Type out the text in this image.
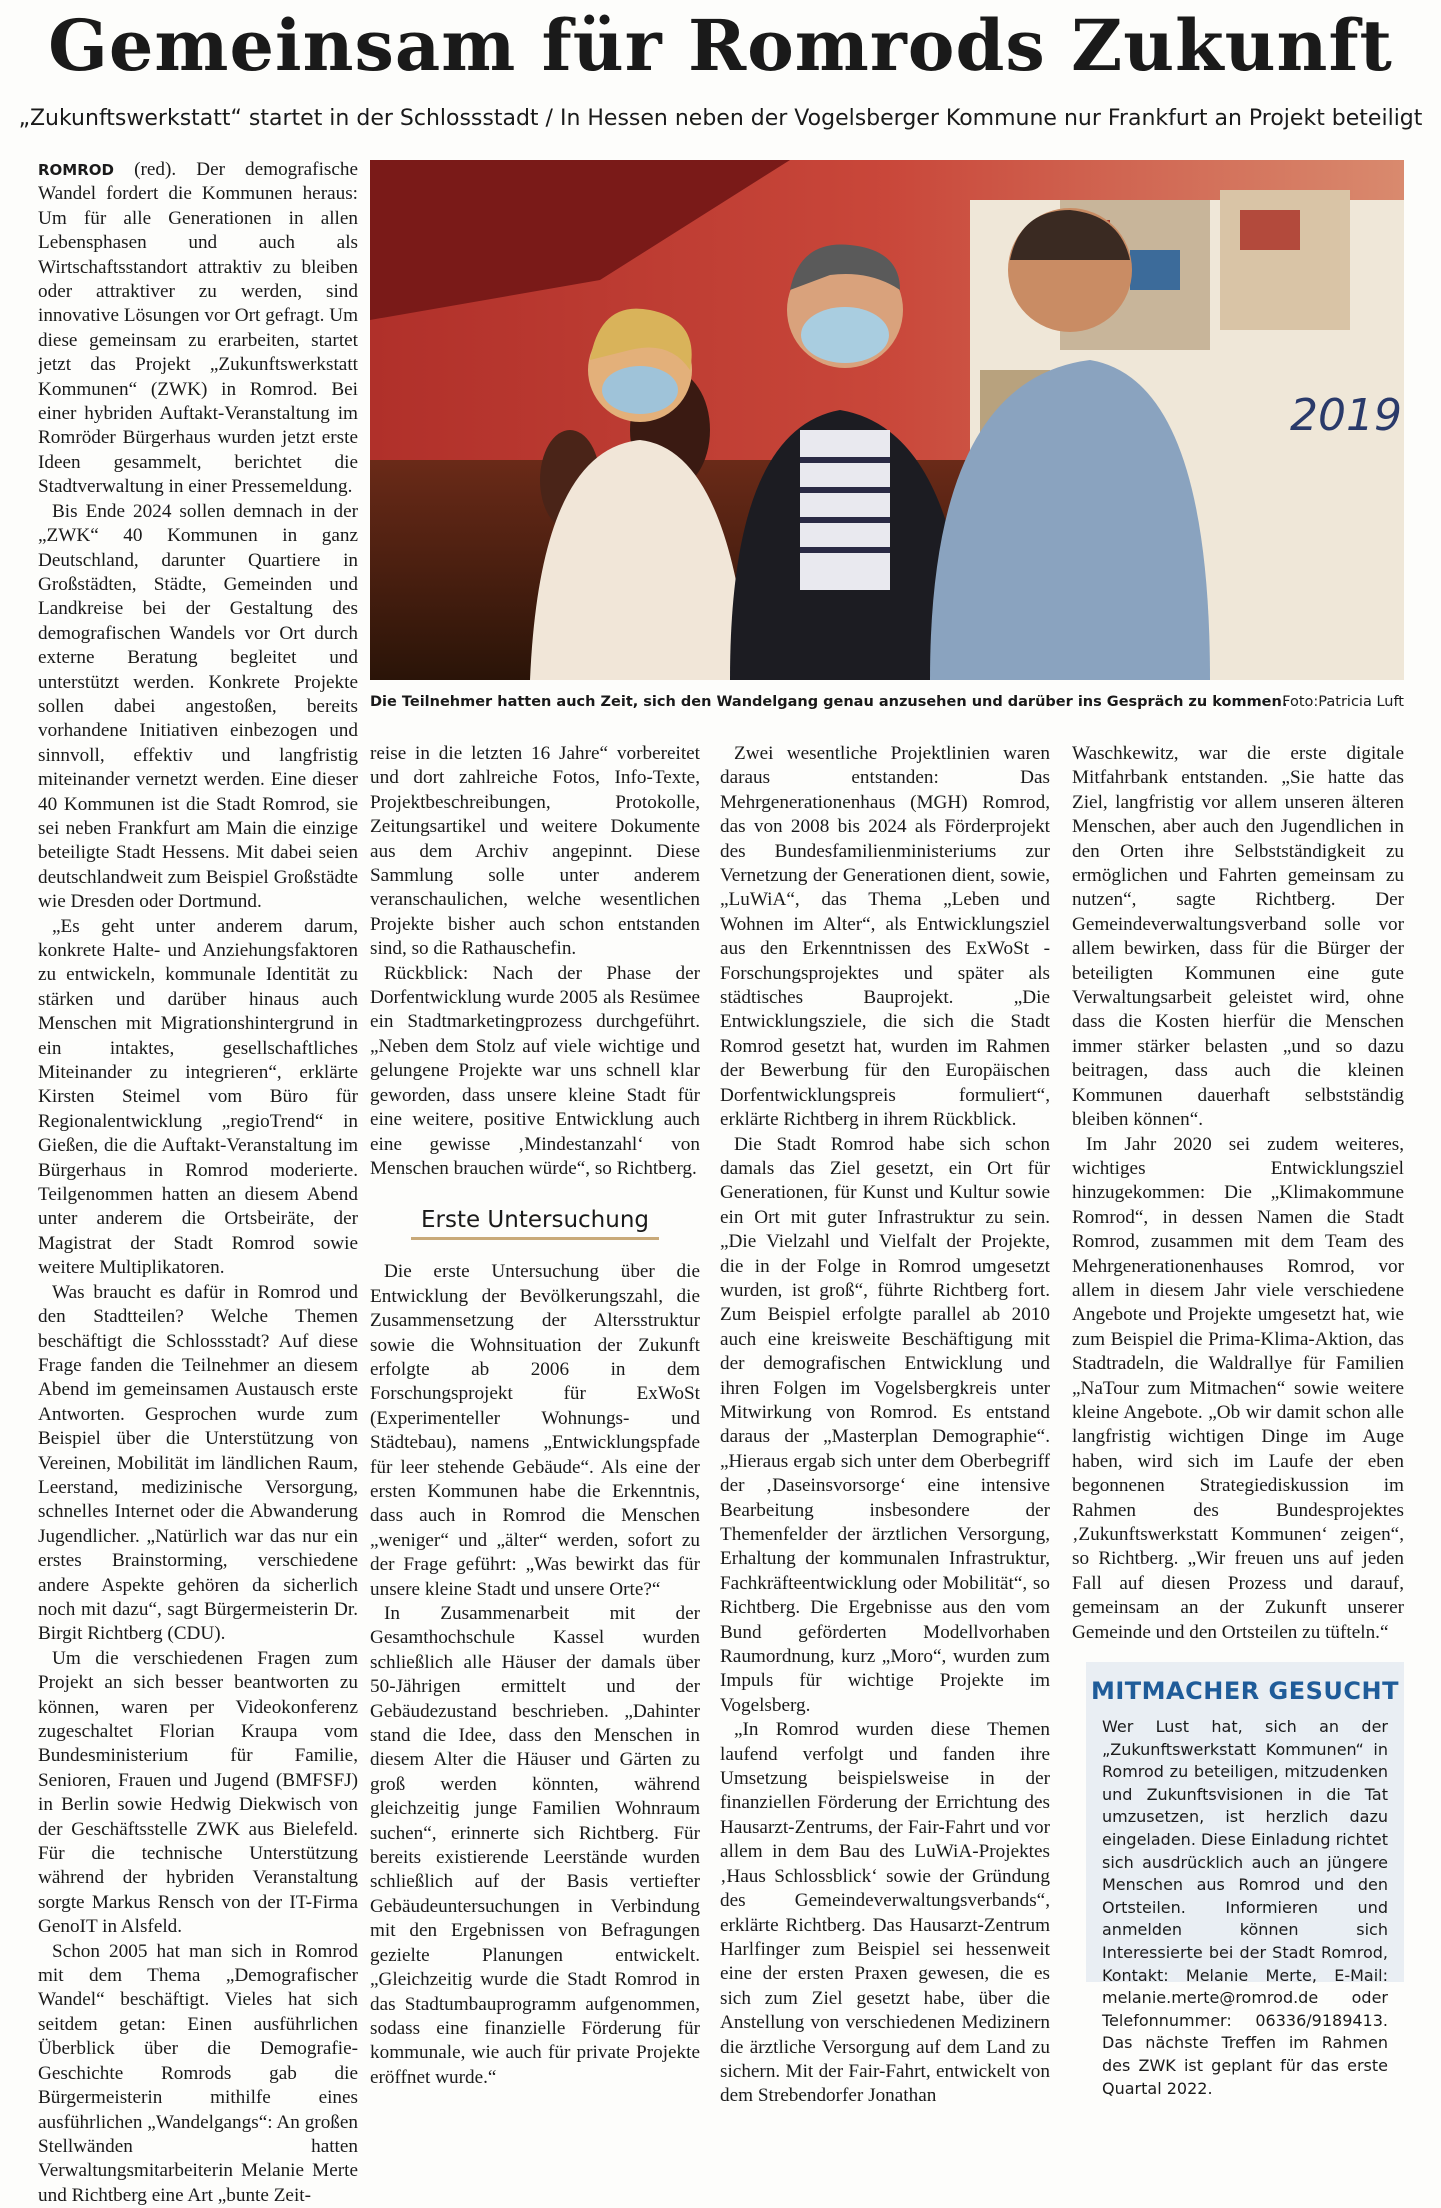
Gemeinsam für Romrods Zukunft
„Zukunftswerkstatt“ startet in der Schlossstadt / In Hessen neben der Vogelsberger Kommune nur Frankfurt an Projekt beteiligt

ROMROD (red). Der demografische Wandel fordert die Kommunen heraus: Um für alle Generationen in allen Lebensphasen und auch als Wirtschaftsstandort attraktiv zu bleiben oder attraktiver zu werden, sind innovative Lösungen vor Ort gefragt. Um diese gemeinsam zu erarbeiten, startet jetzt das Projekt „Zukunftswerkstatt Kommunen“ (ZWK) in Romrod. Bei einer hybriden Auftakt-Veranstaltung im Romröder Bürgerhaus wurden jetzt erste Ideen gesammelt, berichtet die Stadtverwaltung in einer Pressemeldung.

Bis Ende 2024 sollen demnach in der „ZWK“ 40 Kommunen in ganz Deutschland, darunter Quartiere in Großstädten, Städte, Gemeinden und Landkreise bei der Gestaltung des demografischen Wandels vor Ort durch externe Beratung begleitet und unterstützt werden. Konkrete Projekte sollen dabei angestoßen, bereits vorhandene Initiativen einbezogen und sinnvoll, effektiv und langfristig miteinander vernetzt werden. Eine dieser 40 Kommunen ist die Stadt Romrod, sie sei neben Frankfurt am Main die einzige beteiligte Stadt Hessens. Mit dabei seien deutschlandweit zum Beispiel Großstädte wie Dresden oder Dortmund.

„Es geht unter anderem darum, konkrete Halte- und Anziehungsfaktoren zu entwickeln, kommunale Identität zu stärken und darüber hinaus auch Menschen mit Migrationshintergrund in ein intaktes, gesellschaftliches Miteinander zu integrieren“, erklärte Kirsten Steimel vom Büro für Regionalentwicklung „regioTrend“ in Gießen, die die Auftakt-Veranstaltung im Bürgerhaus in Romrod moderierte. Teilgenommen hatten an diesem Abend unter anderem die Ortsbeiräte, der Magistrat der Stadt Romrod sowie weitere Multiplikatoren.

Was braucht es dafür in Romrod und den Stadtteilen? Welche Themen beschäftigt die Schlossstadt? Auf diese Frage fanden die Teilnehmer an diesem Abend im gemeinsamen Austausch erste Antworten. Gesprochen wurde zum Beispiel über die Unterstützung von Vereinen, Mobilität im ländlichen Raum, Leerstand, medizinische Versorgung, schnelles Internet oder die Abwanderung Jugendlicher. „Natürlich war das nur ein erstes Brainstorming, verschiedene andere Aspekte gehören da sicherlich noch mit dazu“, sagt Bürgermeisterin Dr. Birgit Richtberg (CDU).

Um die verschiedenen Fragen zum Projekt an sich besser beantworten zu können, waren per Videokonferenz zugeschaltet Florian Kraupa vom Bundesministerium für Familie, Senioren, Frauen und Jugend (BMFSFJ) in Berlin sowie Hedwig Diekwisch von der Geschäftsstelle ZWK aus Bielefeld. Für die technische Unterstützung während der hybriden Veranstaltung sorgte Markus Rensch von der IT-Firma GenoIT in Alsfeld.

Schon 2005 hat man sich in Romrod mit dem Thema „Demografischer Wandel“ beschäftigt. Vieles hat sich seitdem getan: Einen ausführlichen Überblick über die Demografie-Geschichte Romrods gab die Bürgermeisterin mithilfe eines ausführlichen „Wandelgangs“: An großen Stellwänden hatten Verwaltungsmitarbeiterin Melanie Merte und Richtberg eine Art „bunte Zeit-

2019
Die Teilnehmer hatten auch Zeit, sich den Wandelgang genau anzusehen und darüber ins Gespräch zu kommen.
Foto:Patricia Luft

reise in die letzten 16 Jahre“ vorbereitet und dort zahlreiche Fotos, Info-Texte, Projektbeschreibungen, Protokolle, Zeitungsartikel und weitere Dokumente aus dem Archiv angepinnt. Diese Sammlung solle unter anderem veranschaulichen, welche wesentlichen Projekte bisher auch schon entstanden sind, so die Rathauschefin.

Rückblick: Nach der Phase der Dorfentwicklung wurde 2005 als Resümee ein Stadtmarketingprozess durchgeführt. „Neben dem Stolz auf viele wichtige und gelungene Projekte war uns schnell klar geworden, dass unsere kleine Stadt für eine weitere, positive Entwicklung auch eine gewisse ‚Mindestanzahl‘ von Menschen brauchen würde“, so Richtberg.

Erste Untersuchung

Die erste Untersuchung über die Entwicklung der Bevölkerungszahl, die Zusammensetzung der Altersstruktur sowie die Wohnsituation der Zukunft erfolgte ab 2006 in dem Forschungsprojekt für ExWoSt (Experimenteller Wohnungs- und Städtebau), namens „Entwicklungspfade für leer stehende Gebäude“. Als eine der ersten Kommunen habe die Erkenntnis, dass auch in Romrod die Menschen „weniger“ und „älter“ werden, sofort zu der Frage geführt: „Was bewirkt das für unsere kleine Stadt und unsere Orte?“

In Zusammenarbeit mit der Gesamthochschule Kassel wurden schließlich alle Häuser der damals über 50-Jährigen ermittelt und der Gebäudezustand beschrieben. „Dahinter stand die Idee, dass den Menschen in diesem Alter die Häuser und Gärten zu groß werden könnten, während gleichzeitig junge Familien Wohnraum suchen“, erinnerte sich Richtberg. Für bereits existierende Leerstände wurden schließlich auf der Basis vertiefter Gebäudeuntersuchungen in Verbindung mit den Ergebnissen von Befragungen gezielte Planungen entwickelt. „Gleichzeitig wurde die Stadt Romrod in das Stadtumbauprogramm aufgenommen, sodass eine finanzielle Förderung für kommunale, wie auch für private Projekte eröffnet wurde.“

Zwei wesentliche Projektlinien waren daraus entstanden: Das Mehrgenerationenhaus (MGH) Romrod, das von 2008 bis 2024 als Förderprojekt des Bundesfamilienministeriums zur Vernetzung der Generationen dient, sowie, „LuWiA“, das Thema „Leben und Wohnen im Alter“, als Entwicklungsziel aus den Erkenntnissen des ExWoSt -Forschungsprojektes und später als städtisches Bauprojekt. „Die Entwicklungsziele, die sich die Stadt Romrod gesetzt hat, wurden im Rahmen der Bewerbung für den Europäischen Dorfentwicklungspreis formuliert“, erklärte Richtberg in ihrem Rückblick.

Die Stadt Romrod habe sich schon damals das Ziel gesetzt, ein Ort für Generationen, für Kunst und Kultur sowie ein Ort mit guter Infrastruktur zu sein. „Die Vielzahl und Vielfalt der Projekte, die in der Folge in Romrod umgesetzt wurden, ist groß“, führte Richtberg fort. Zum Beispiel erfolgte parallel ab 2010 auch eine kreisweite Beschäftigung mit der demografischen Entwicklung und ihren Folgen im Vogelsbergkreis unter Mitwirkung von Romrod. Es entstand daraus der „Masterplan Demographie“. „Hieraus ergab sich unter dem Oberbegriff der ‚Daseinsvorsorge‘ eine intensive Bearbeitung insbesondere der Themenfelder der ärztlichen Versorgung, Erhaltung der kommunalen Infrastruktur, Fachkräfteentwicklung oder Mobilität“, so Richtberg. Die Ergebnisse aus den vom Bund geförderten Modellvorhaben Raumordnung, kurz „Moro“, wurden zum Impuls für wichtige Projekte im Vogelsberg.

„In Romrod wurden diese Themen laufend verfolgt und fanden ihre Umsetzung beispielsweise in der finanziellen Förderung der Errichtung des Hausarzt-Zentrums, der Fair-Fahrt und vor allem in dem Bau des LuWiA-Projektes ‚Haus Schlossblick‘ sowie der Gründung des Gemeindeverwaltungsverbands“, erklärte Richtberg. Das Hausarzt-Zentrum Harlfinger zum Beispiel sei hessenweit eine der ersten Praxen gewesen, die es sich zum Ziel gesetzt habe, über die Anstellung von verschiedenen Medizinern die ärztliche Versorgung auf dem Land zu sichern. Mit der Fair-Fahrt, entwickelt von dem Strebendorfer Jonathan

Waschkewitz, war die erste digitale Mitfahrbank entstanden. „Sie hatte das Ziel, langfristig vor allem unseren älteren Menschen, aber auch den Jugendlichen in den Orten ihre Selbstständigkeit zu ermöglichen und Fahrten gemeinsam zu nutzen“, sagte Richtberg. Der Gemeindeverwaltungsverband solle vor allem bewirken, dass für die Bürger der beteiligten Kommunen eine gute Verwaltungsarbeit geleistet wird, ohne dass die Kosten hierfür die Menschen immer stärker belasten „und so dazu beitragen, dass auch die kleinen Kommunen dauerhaft selbstständig bleiben können“.

Im Jahr 2020 sei zudem weiteres, wichtiges Entwicklungsziel hinzugekommen: Die „Klimakommune Romrod“, in dessen Namen die Stadt Romrod, zusammen mit dem Team des Mehrgenerationenhauses Romrod, vor allem in diesem Jahr viele verschiedene Angebote und Projekte umgesetzt hat, wie zum Beispiel die Prima-Klima-Aktion, das Stadtradeln, die Waldrallye für Familien „NaTour zum Mitmachen“ sowie weitere kleine Angebote. „Ob wir damit schon alle langfristig wichtigen Dinge im Auge haben, wird sich im Laufe der eben begonnenen Strategiediskussion im Rahmen des Bundesprojektes ‚Zukunftswerkstatt Kommunen‘ zeigen“, so Richtberg. „Wir freuen uns auf jeden Fall auf diesen Prozess und darauf, gemeinsam an der Zukunft unserer Gemeinde und den Ortsteilen zu tüfteln.“

MITMACHER GESUCHT
Wer Lust hat, sich an der „Zukunftswerkstatt Kommunen“ in Romrod zu beteiligen, mitzudenken und Zukunftsvisionen in die Tat umzusetzen, ist herzlich dazu eingeladen. Diese Einladung richtet sich ausdrücklich auch an jüngere Menschen aus Romrod und den Ortsteilen. Informieren und anmelden können sich Interessierte bei der Stadt Romrod, Kontakt: Melanie Merte, E-Mail: melanie.merte@romrod.de oder Telefonnummer: 06336/9189413. Das nächste Treffen im Rahmen des ZWK ist geplant für das erste Quartal 2022.
